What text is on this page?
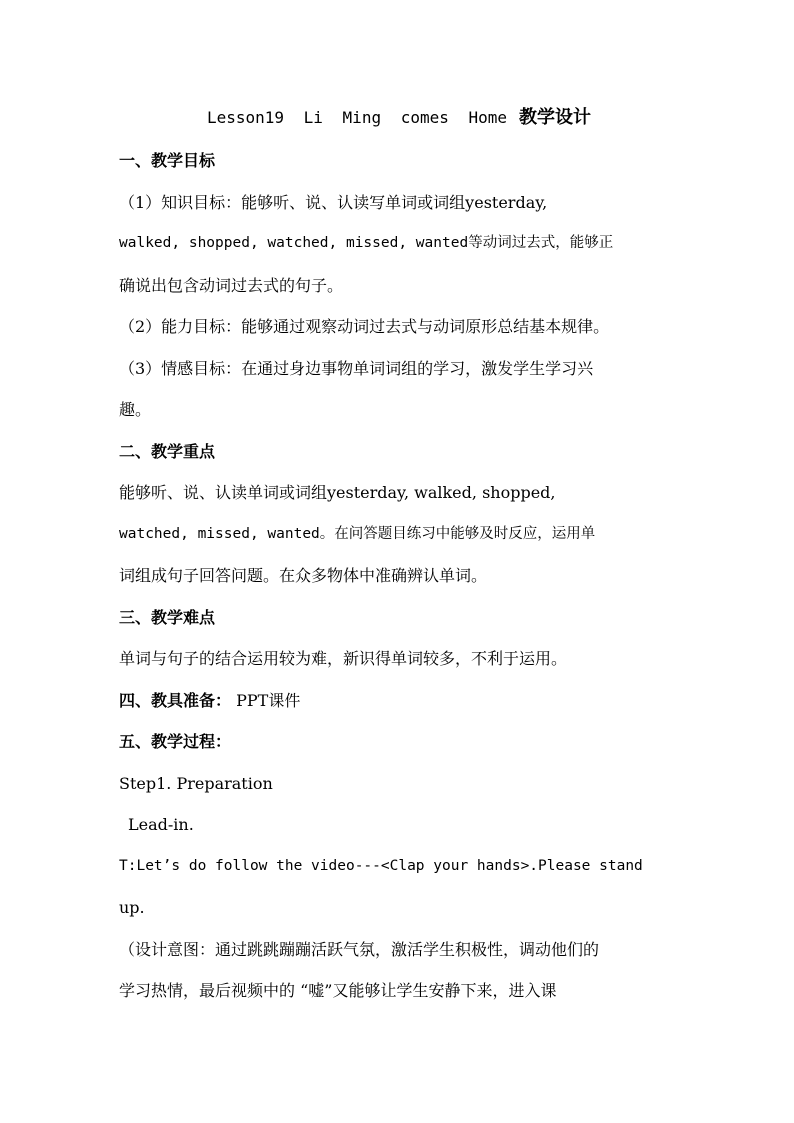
Lesson19 Li Ming comes Home 教学设计

一、教学目标

（1）知识目标：能够听、说、认读写单词或词组yesterday,

walked, shopped, watched, missed, wanted等动词过去式，能够正

确说出包含动词过去式的句子。

（2）能力目标：能够通过观察动词过去式与动词原形总结基本规律。

（3）情感目标：在通过身边事物单词词组的学习，激发学生学习兴

趣。

二、教学重点

能够听、说、认读单词或词组yesterday, walked, shopped,

watched, missed, wanted。在问答题目练习中能够及时反应，运用单

词组成句子回答问题。在众多物体中准确辨认单词。

三、教学难点

单词与句子的结合运用较为难，新识得单词较多，不利于运用。

四、教具准备： PPT课件

五、教学过程：

Step1. Preparation

Lead-in.

T:Let’s do follow the video---<Clap your hands>.Please stand

up.

（设计意图：通过跳跳蹦蹦活跃气氛，激活学生积极性，调动他们的

学习热情，最后视频中的 “嘘”又能够让学生安静下来，进入课
